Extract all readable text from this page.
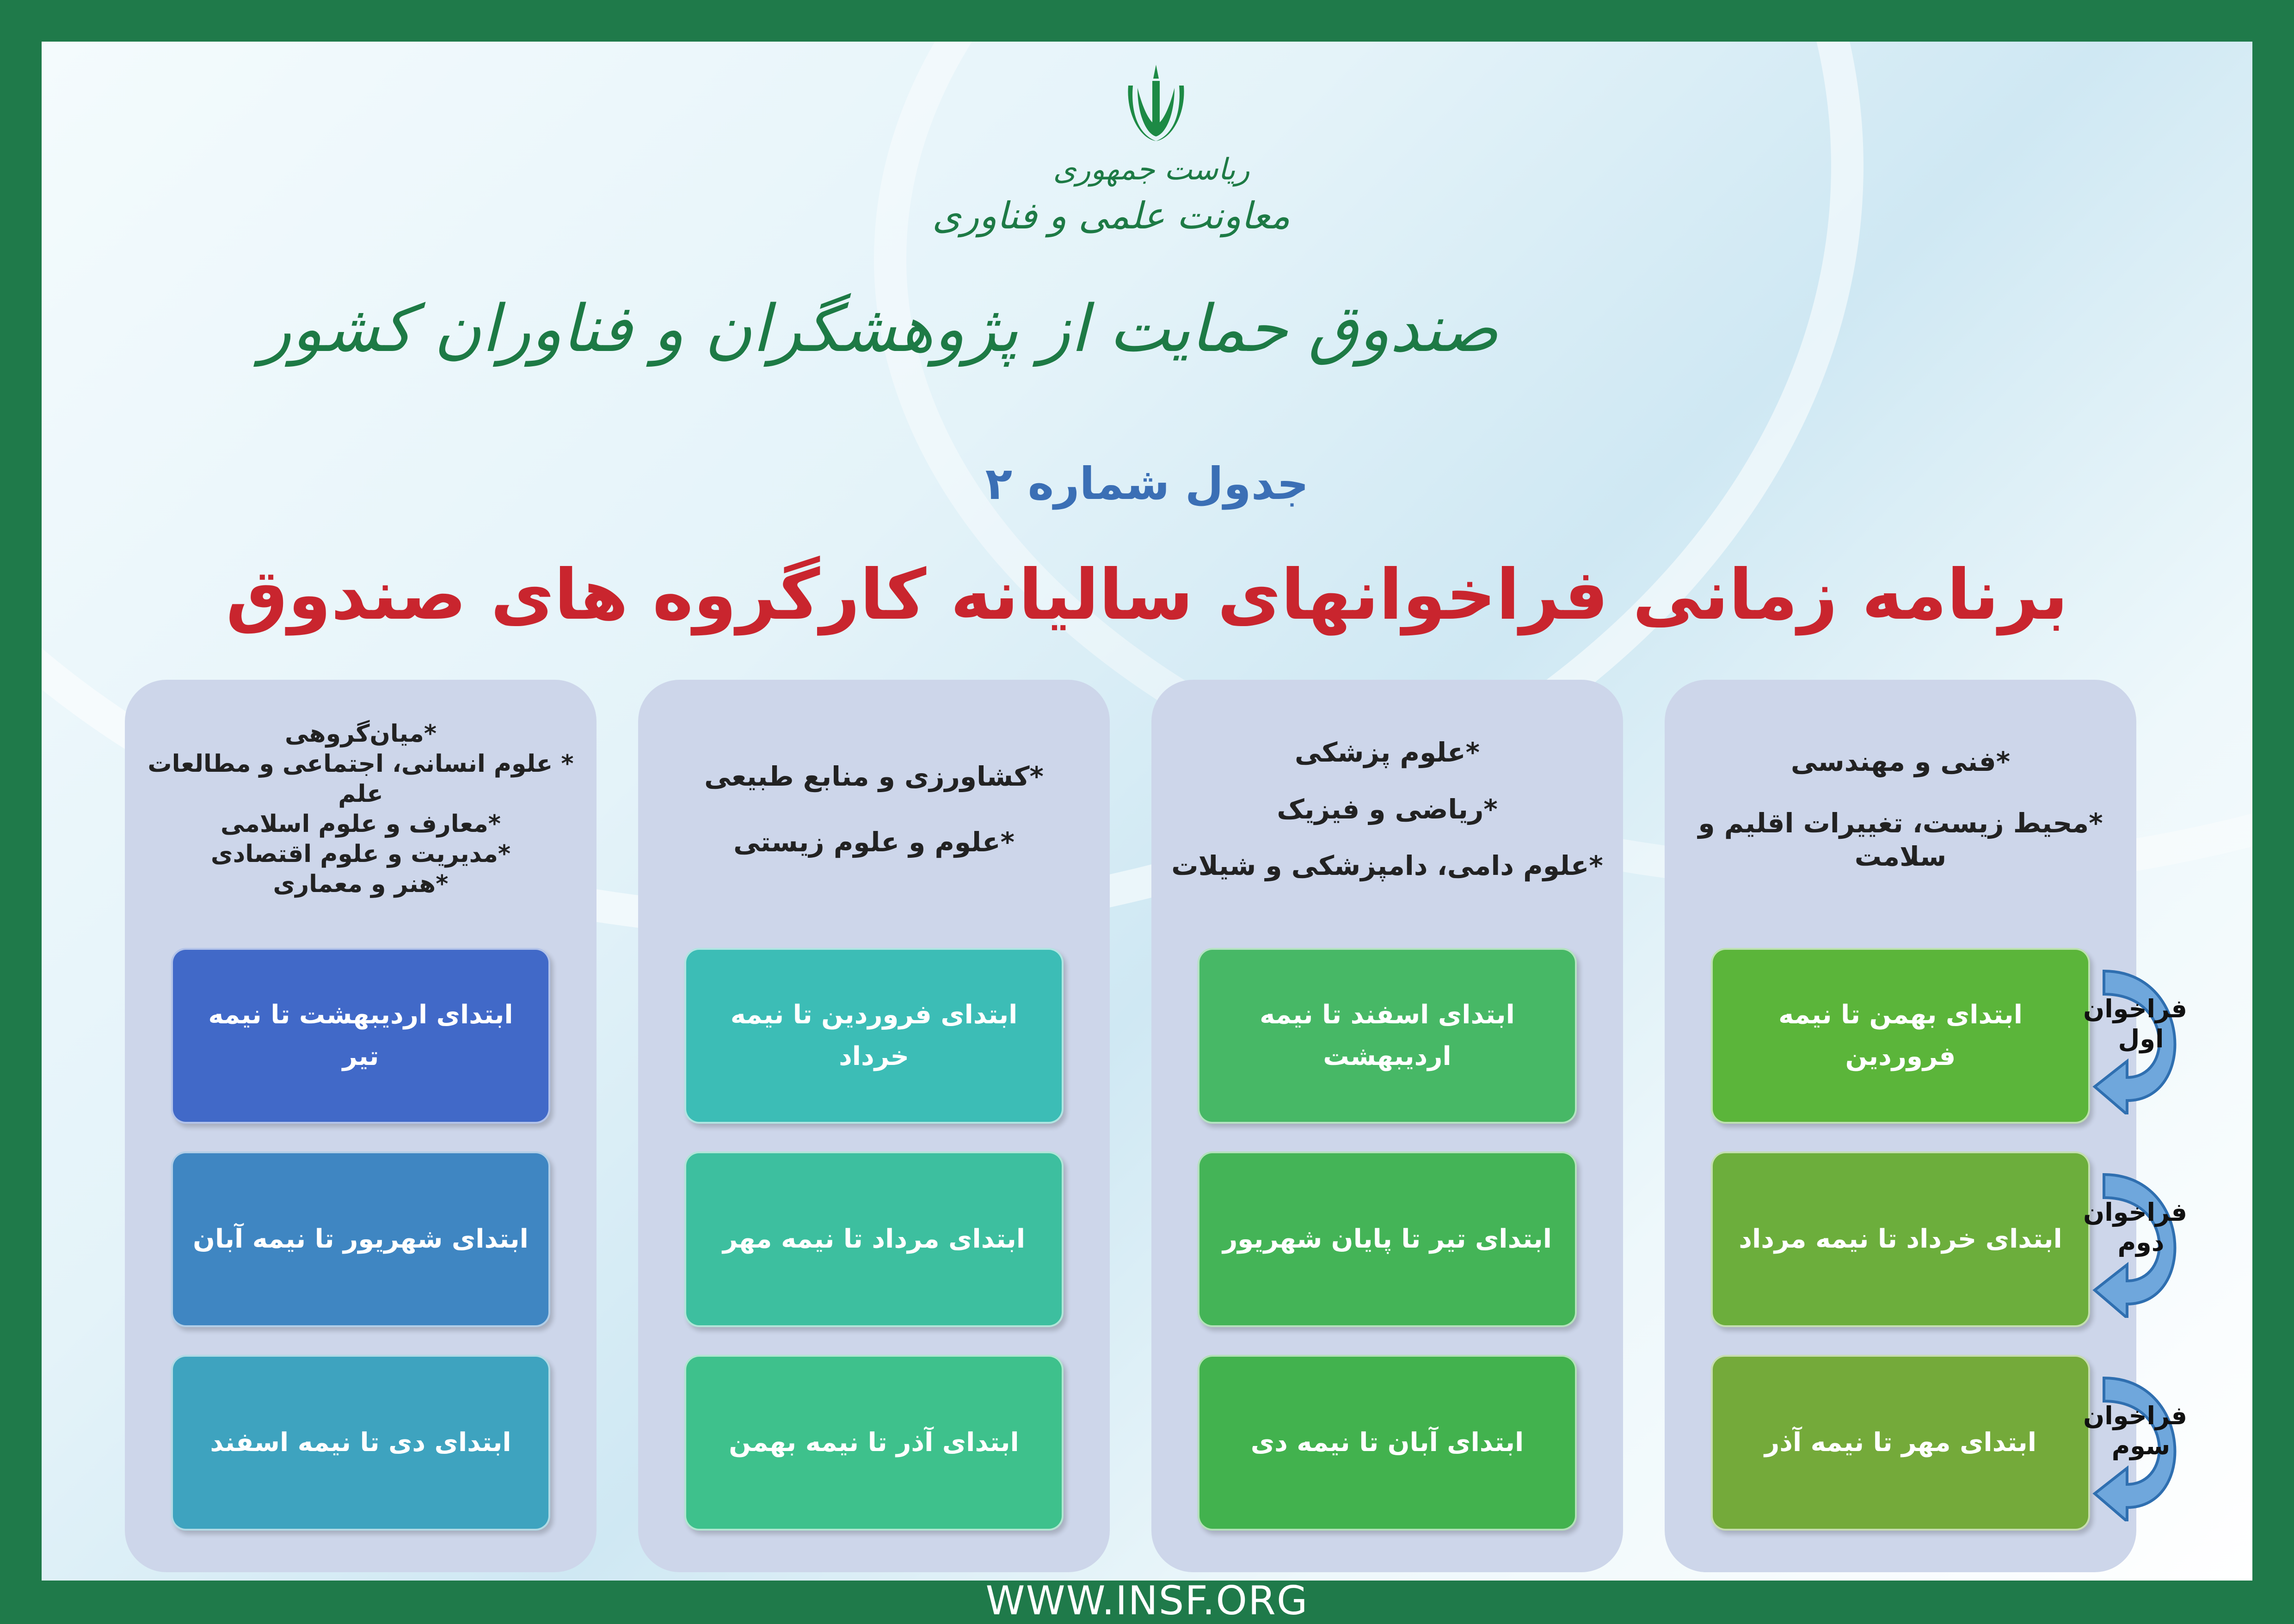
ریاست جمهوری
معاونت علمی و فناوری
صندوق حمایت از پژوهشگران و فناوران کشور
جدول شماره ۲
برنامه زمانی فراخوانهای سالیانه کارگروه های صندوق
*فنی و مهندسی
*محیط زیست، تغییرات اقلیم و
سلامت
ابتدای بهمن تا نیمه فروردین
ابتدای خرداد تا نیمه مرداد
ابتدای مهر تا نیمه آذر
*علوم پزشکی
*ریاضی و فیزیک
*علوم دامی، دامپزشکی و شیلات
ابتدای اسفند تا نیمه اردیبهشت
ابتدای تیر تا پایان شهریور
ابتدای آبان تا نیمه دی
*کشاورزی و منابع طبیعی
*علوم و علوم زیستی
ابتدای فروردین تا نیمه خرداد
ابتدای مرداد تا نیمه مهر
ابتدای آذر تا نیمه بهمن
*میان‌گروهی
* علوم انسانی، اجتماعی و مطالعات علم
*معارف و علوم اسلامی
*مدیریت و علوم اقتصادی
*هنر و معماری
ابتدای اردیبهشت تا نیمه تیر
ابتدای شهریور تا نیمه آبان
ابتدای دی تا نیمه اسفند
فراخوان
اول
فراخوان
دوم
فراخوان
سوم
WWW.INSF.ORG
